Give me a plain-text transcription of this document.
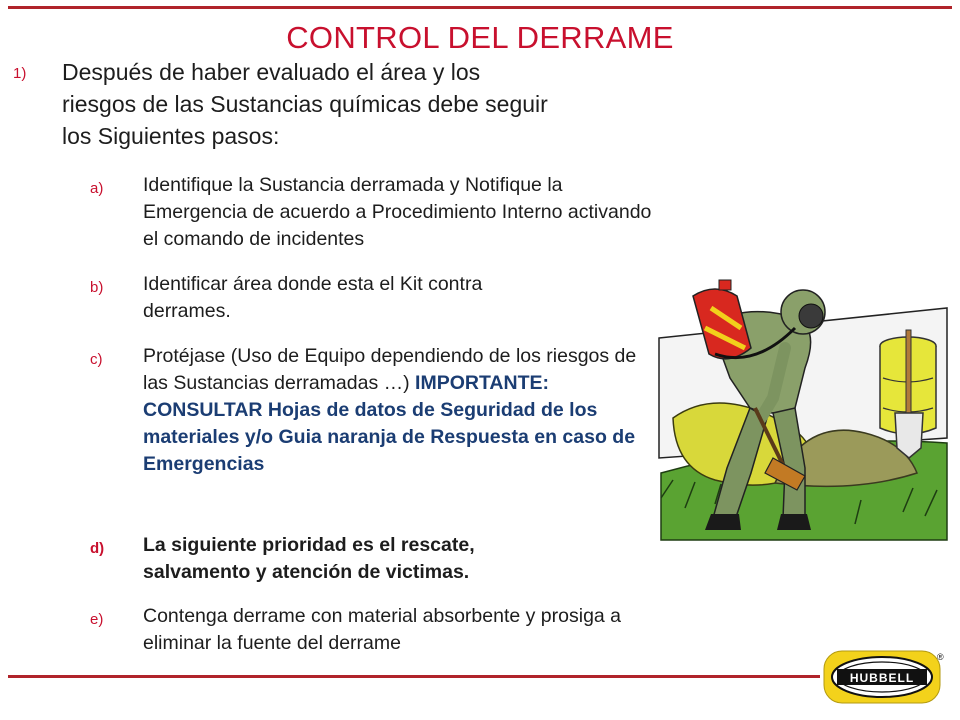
CONTROL DEL DERRAME
1) Después de haber evaluado el área y los
riesgos de las Sustancias químicas debe seguir
los Siguientes pasos:
a) Identifique la Sustancia derramada y Notifique la Emergencia de acuerdo a Procedimiento Interno activando el comando de incidentes
b) Identificar área donde esta el Kit contra derrames.
c) Protéjase (Uso de Equipo dependiendo de los riesgos de las Sustancias derramadas …) IMPORTANTE: CONSULTAR Hojas de datos de Seguridad de los materiales y/o Guia naranja de Respuesta en caso de Emergencias
d) La siguiente prioridad es el rescate, salvamento y atención de victimas.
e) Contenga derrame con material absorbente y prosiga a eliminar la fuente del derrame
HUBBELL
®
